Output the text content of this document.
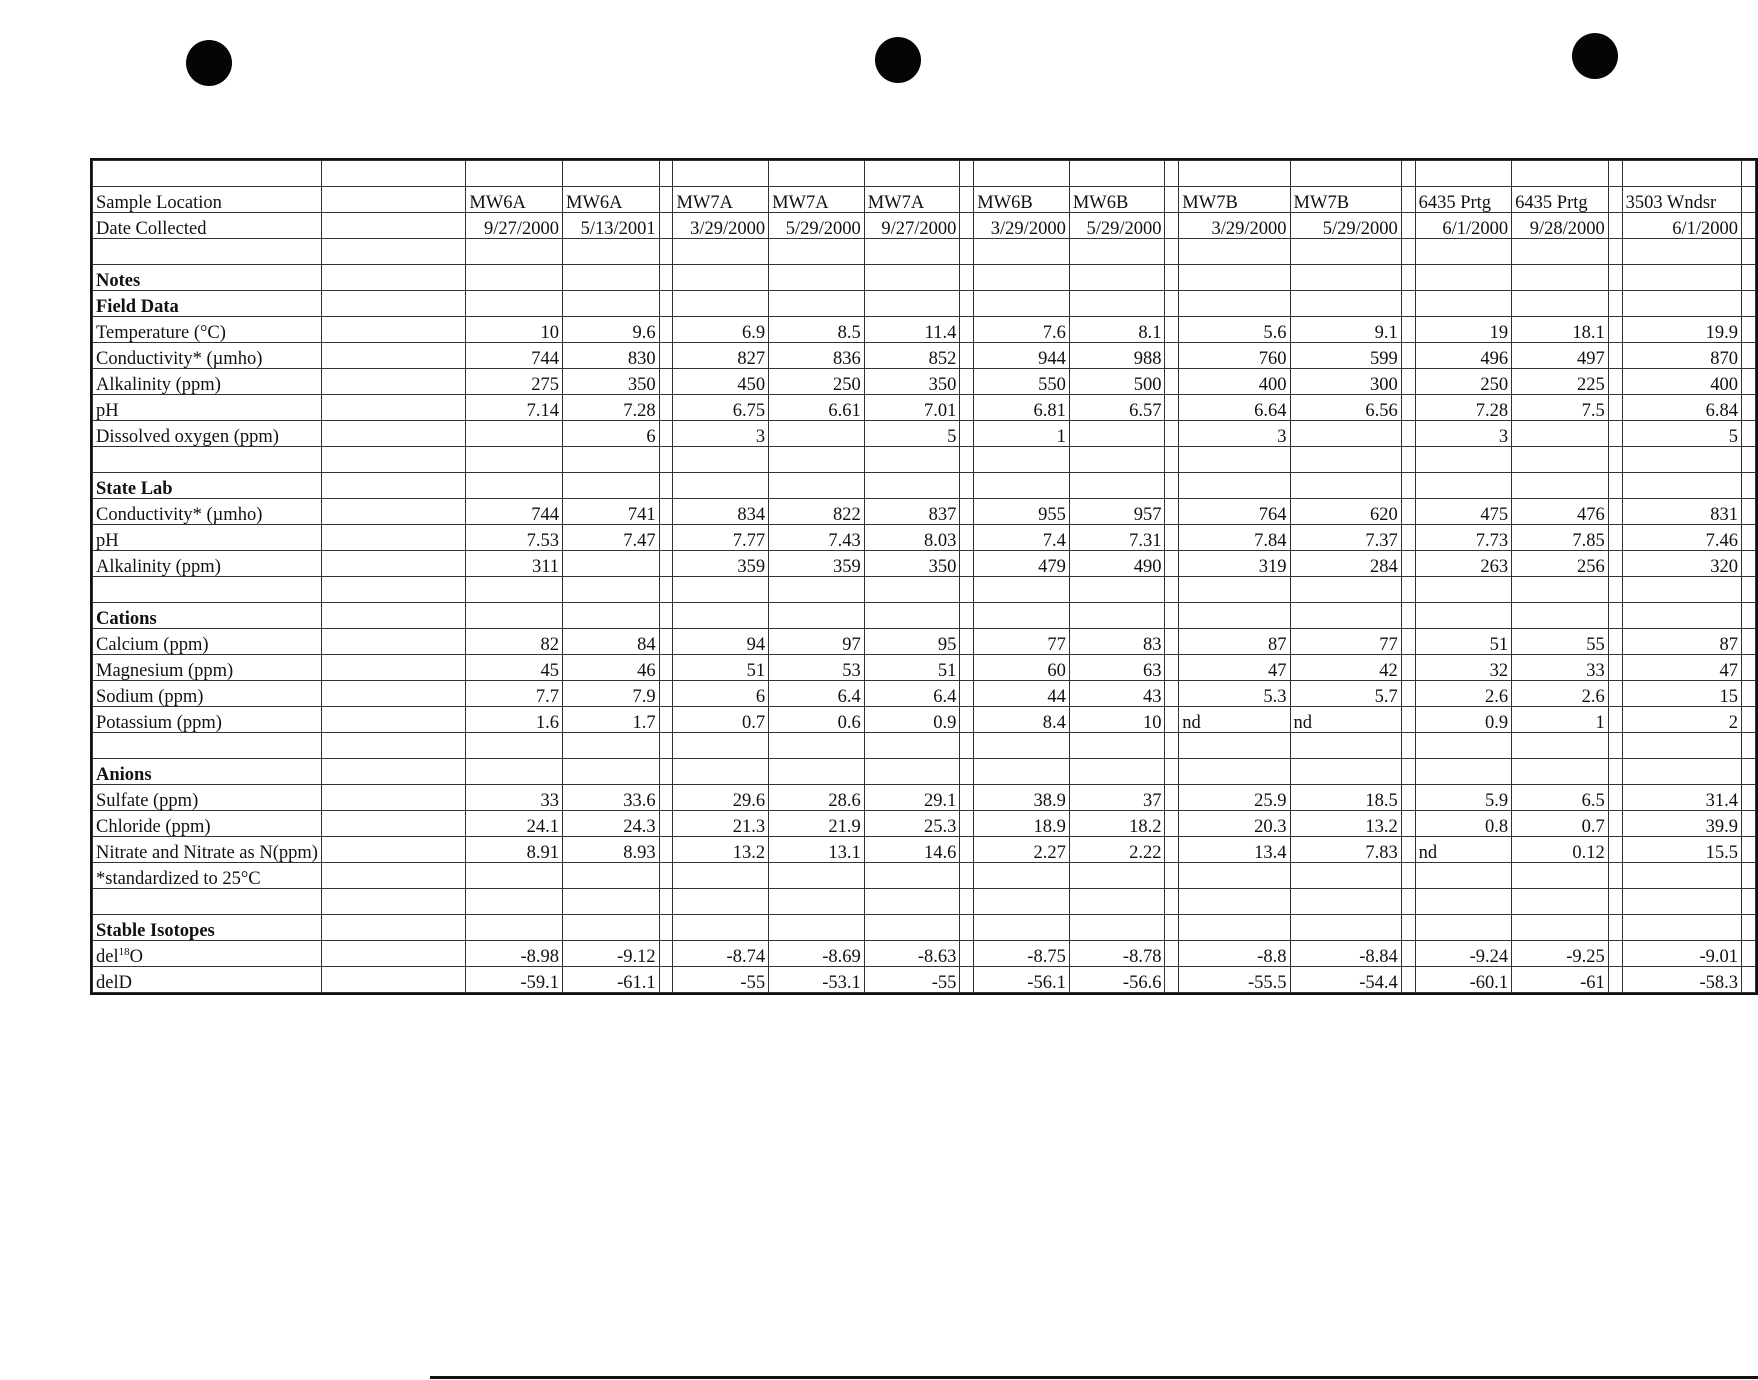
Sample Location		MW6A	MW6A		MW7A	MW7A	MW7A		MW6B	MW6B		MW7B	MW7B		6435 Prtg	6435 Prtg		3503 Wndsr	
Date Collected		9/27/2000	5/13/2001		3/29/2000	5/29/2000	9/27/2000		3/29/2000	5/29/2000		3/29/2000	5/29/2000		6/1/2000	9/28/2000		6/1/2000	

Notes																			
Field Data																			
Temperature (°C)		10	9.6		6.9	8.5	11.4		7.6	8.1		5.6	9.1		19	18.1		19.9	
Conductivity* (µmho)		744	830		827	836	852		944	988		760	599		496	497		870	
Alkalinity (ppm)		275	350		450	250	350		550	500		400	300		250	225		400	
pH		7.14	7.28		6.75	6.61	7.01		6.81	6.57		6.64	6.56		7.28	7.5		6.84	
Dissolved oxygen (ppm)			6		3		5		1			3			3			5	

State Lab																			
Conductivity* (µmho)		744	741		834	822	837		955	957		764	620		475	476		831	
pH		7.53	7.47		7.77	7.43	8.03		7.4	7.31		7.84	7.37		7.73	7.85		7.46	
Alkalinity (ppm)		311			359	359	350		479	490		319	284		263	256		320	

Cations																			
Calcium (ppm)		82	84		94	97	95		77	83		87	77		51	55		87	
Magnesium (ppm)		45	46		51	53	51		60	63		47	42		32	33		47	
Sodium (ppm)		7.7	7.9		6	6.4	6.4		44	43		5.3	5.7		2.6	2.6		15	
Potassium (ppm)		1.6	1.7		0.7	0.6	0.9		8.4	10		nd	nd		0.9	1		2	

Anions																			
Sulfate (ppm)		33	33.6		29.6	28.6	29.1		38.9	37		25.9	18.5		5.9	6.5		31.4	
Chloride (ppm)		24.1	24.3		21.3	21.9	25.3		18.9	18.2		20.3	13.2		0.8	0.7		39.9	
Nitrate and Nitrate as N(ppm)		8.91	8.93		13.2	13.1	14.6		2.27	2.22		13.4	7.83		nd	0.12		15.5	
*standardized to 25°C																			

Stable Isotopes																			
del$^{18}$O		-8.98	-9.12		-8.74	-8.69	-8.63		-8.75	-8.78		-8.8	-8.84		-9.24	-9.25		-9.01	
delD		-59.1	-61.1		-55	-53.1	-55		-56.1	-56.6		-55.5	-54.4		-60.1	-61		-58.3	
